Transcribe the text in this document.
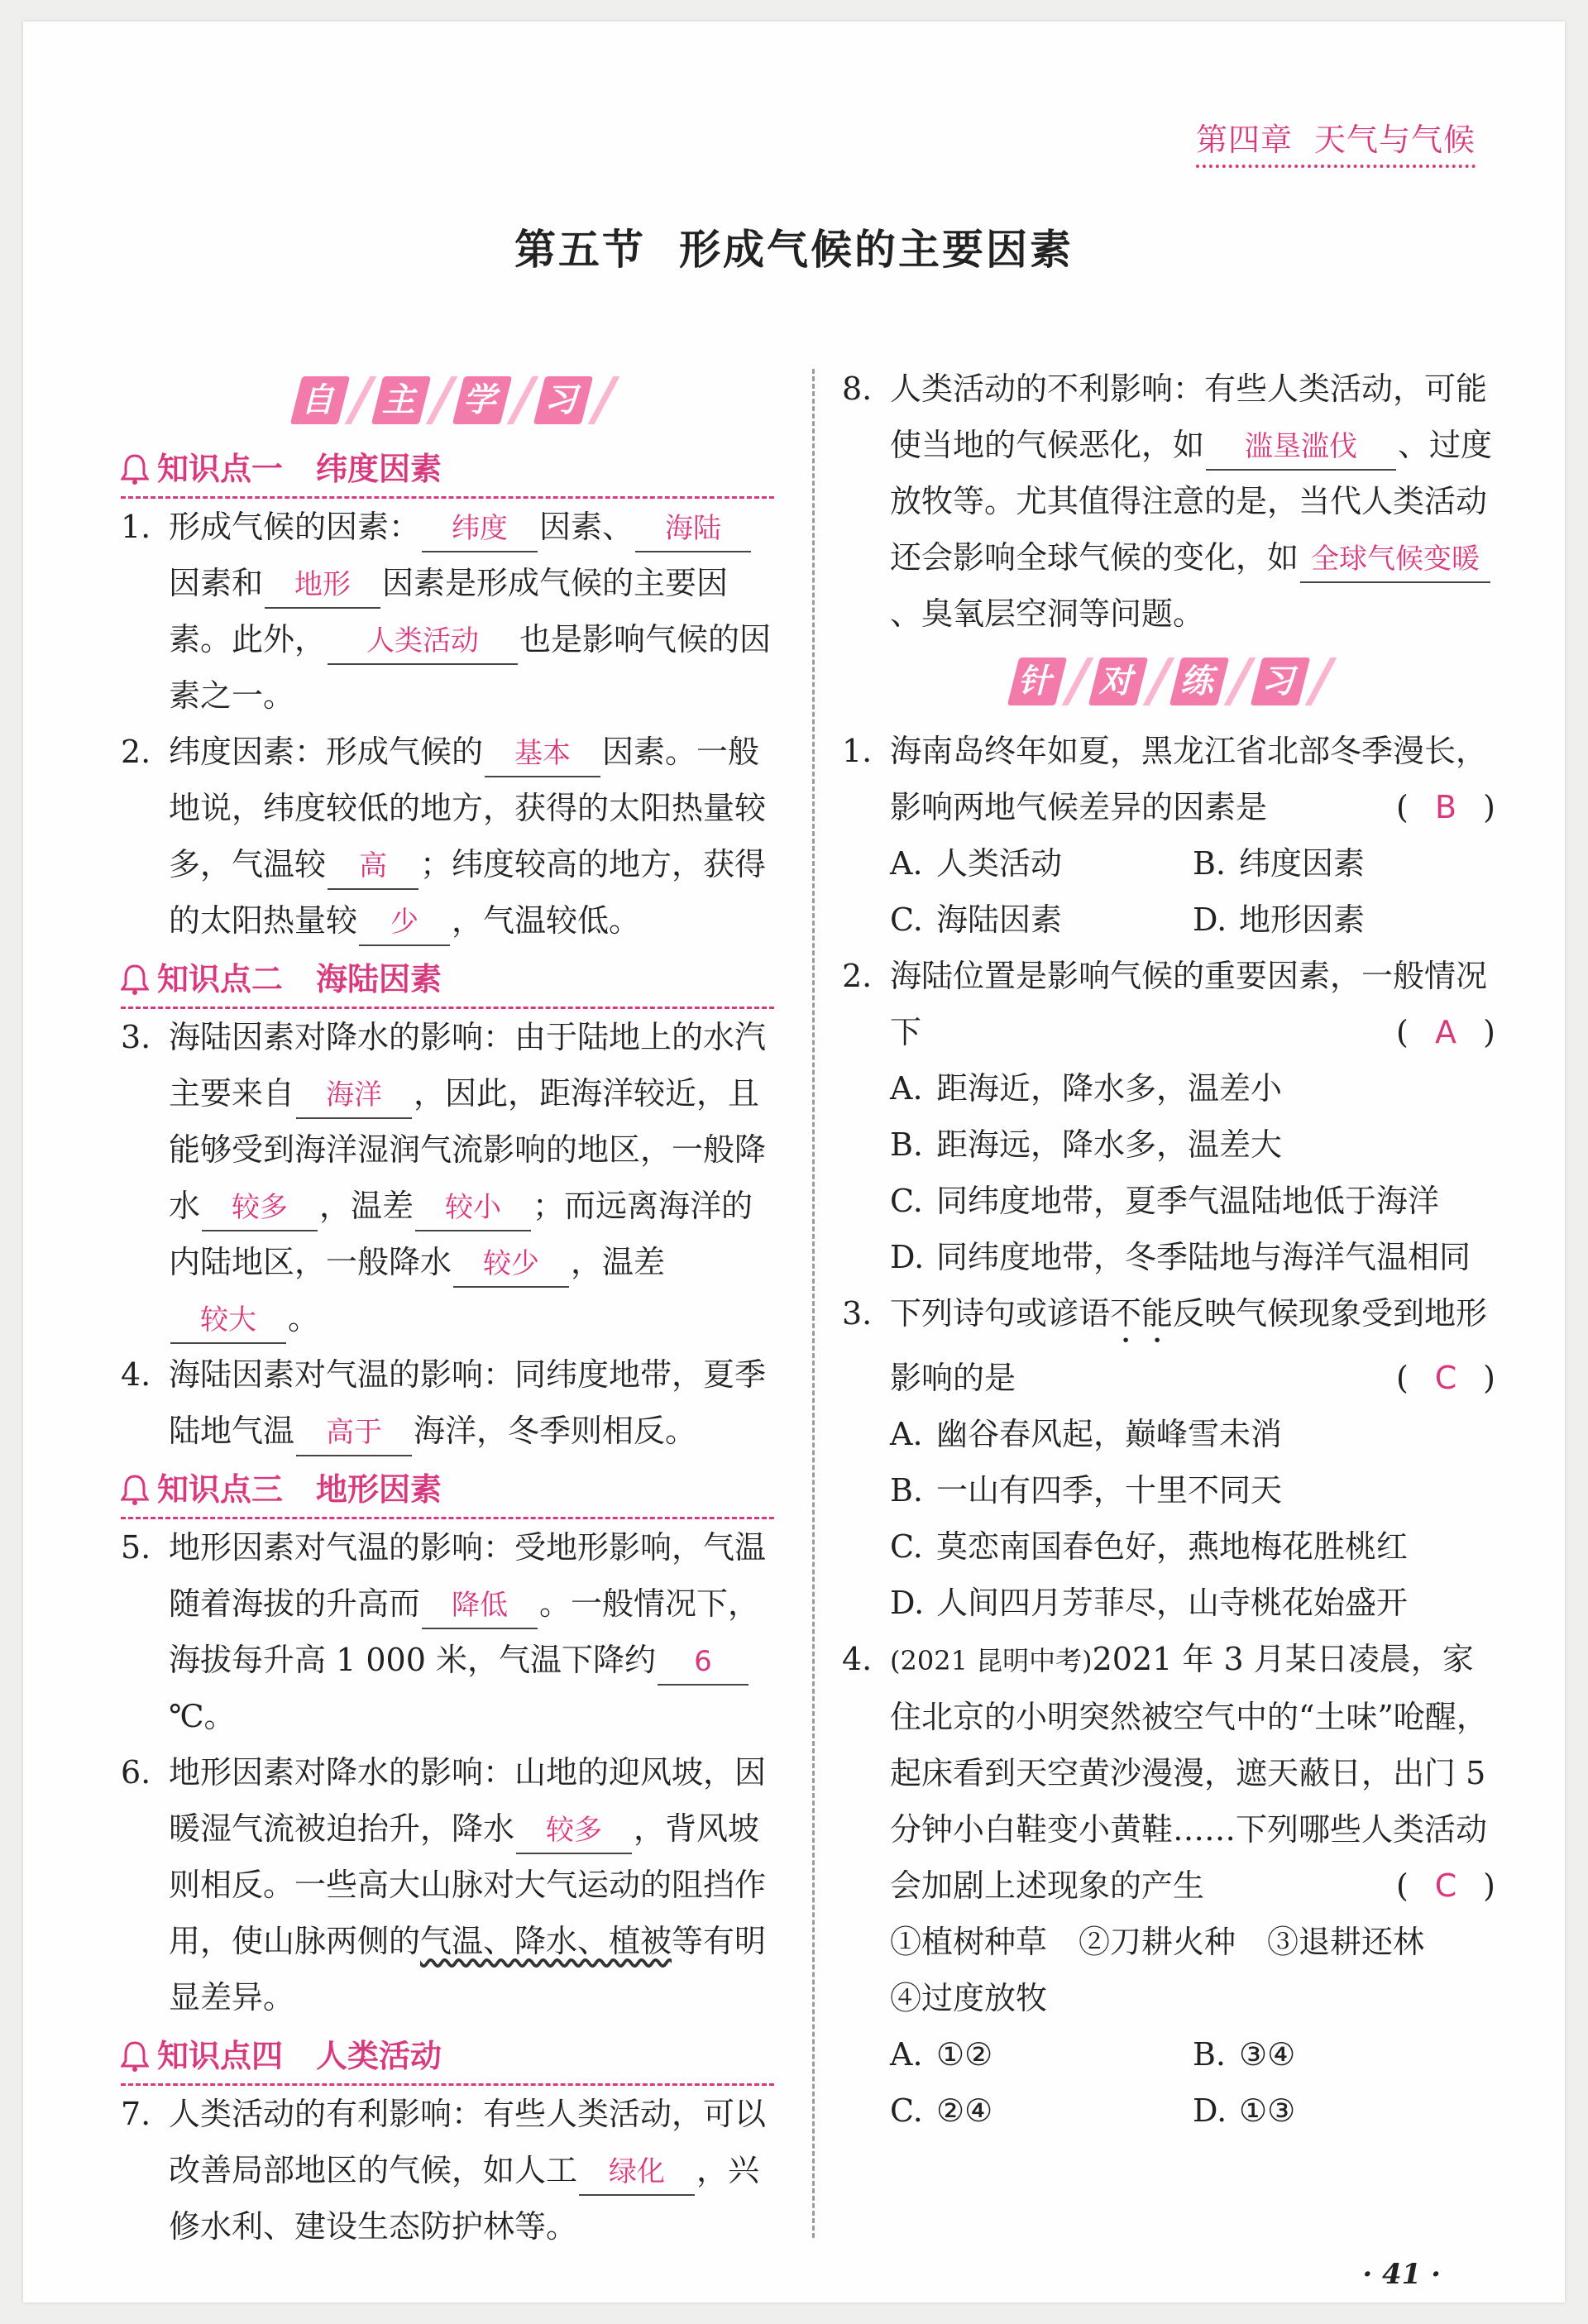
第四章 天气与气候
第五节 形成气候的主要因素
自 主 学 习
知识点一 纬度因素
1. 形成气候的因素： 纬度 因素、 海陆因素和 地形 因素是形成气候的主要因素。此外， 人类活动 也是影响气候的因素之一。
2. 纬度因素：形成气候的 基本 因素。一般地说，纬度较低的地方，获得的太阳热量较多，气温较 高 ；纬度较高的地方，获得的太阳热量较 少 ，气温较低。
知识点二 海陆因素
3. 海陆因素对降水的影响：由于陆地上的水汽主要来自 海洋 ，因此，距海洋较近，且能够受到海洋湿润气流影响的地区，一般降水 较多 ，温差 较小 ；而远离海洋的内陆地区，一般降水 较少 ，温差较大 。
4. 海陆因素对气温的影响：同纬度地带，夏季陆地气温 高于 海洋，冬季则相反。
知识点三 地形因素
5. 地形因素对气温的影响：受地形影响，气温随着海拔的升高而 降低 。一般情况下，海拔每升高 1 000 米，气温下降约 6℃。
6. 地形因素对降水的影响：山地的迎风坡，因暖湿气流被迫抬升，降水 较多 ，背风坡则相反。一些高大山脉对大气运动的阻挡作用，使山脉两侧的气温、降水、植被等有明显差异。
知识点四 人类活动
7. 人类活动的有利影响：有些人类活动，可以改善局部地区的气候，如人工 绿化 ，兴修水利、建设生态防护林等。
8. 人类活动的不利影响：有些人类活动，可能使当地的气候恶化，如 滥垦滥伐 、过度放牧等。尤其值得注意的是，当代人类活动还会影响全球气候的变化，如 全球气候变暖、臭氧层空洞等问题。
针 对 练 习
1. 海南岛终年如夏，黑龙江省北部冬季漫长，影响两地气候差异的因素是	( B )
A. 人类活动	B. 纬度因素
C. 海陆因素	D. 地形因素
2. 海陆位置是影响气候的重要因素，一般情况下	( A )
A. 距海近，降水多，温差小
B. 距海远，降水多，温差大
C. 同纬度地带，夏季气温陆地低于海洋
D. 同纬度地带，冬季陆地与海洋气温相同
3. 下列诗句或谚语不能反映气候现象受到地形影响的是	( C )
A. 幽谷春风起，巅峰雪未消
B. 一山有四季，十里不同天
C. 莫恋南国春色好，燕地梅花胜桃红
D. 人间四月芳菲尽，山寺桃花始盛开
4. (2021 昆明中考)2021 年 3 月某日凌晨，家住北京的小明突然被空气中的“土味”呛醒，起床看到天空黄沙漫漫，遮天蔽日，出门 5 分钟小白鞋变小黄鞋……下列哪些人类活动会加剧上述现象的产生	( C )
①植树种草　②刀耕火种　③退耕还林
④过度放牧
A. ①②	B. ③④
C. ②④	D. ①③
· 41 ·
